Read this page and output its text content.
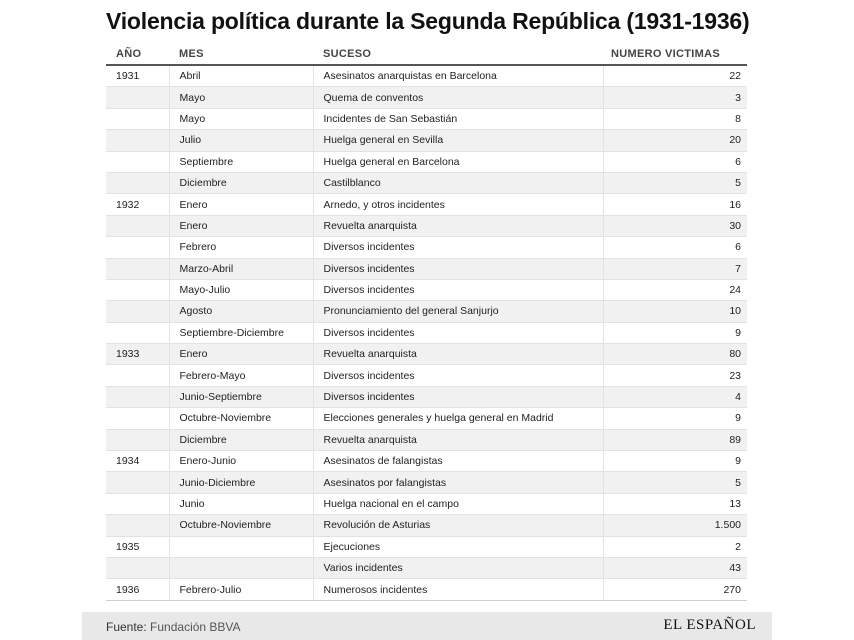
Violencia política durante la Segunda República (1931-1936)
AÑO	MES	SUCESO	NUMERO VICTIMAS
1931	Abril	Asesinatos anarquistas en Barcelona	22
	Mayo	Quema de conventos	3
	Mayo	Incidentes de San Sebastián	8
	Julio	Huelga general en Sevilla	20
	Septiembre	Huelga general en Barcelona	6
	Diciembre	Castilblanco	5
1932	Enero	Arnedo, y otros incidentes	16
	Enero	Revuelta anarquista	30
	Febrero	Diversos incidentes	6
	Marzo-Abril	Diversos incidentes	7
	Mayo-Julio	Diversos incidentes	24
	Agosto	Pronunciamiento del general Sanjurjo	10
	Septiembre-Diciembre	Diversos incidentes	9
1933	Enero	Revuelta anarquista	80
	Febrero-Mayo	Diversos incidentes	23
	Junio-Septiembre	Diversos incidentes	4
	Octubre-Noviembre	Elecciones generales y huelga general en Madrid	9
	Diciembre	Revuelta anarquista	89
1934	Enero-Junio	Asesinatos de falangistas	9
	Junio-Diciembre	Asesinatos por falangistas	5
	Junio	Huelga nacional en el campo	13
	Octubre-Noviembre	Revolución de Asturias	1.500
1935		Ejecuciones	2
		Varios incidentes	43
1936	Febrero-Julio	Numerosos incidentes	270
Fuente: Fundación BBVA	EL ESPAÑOL
